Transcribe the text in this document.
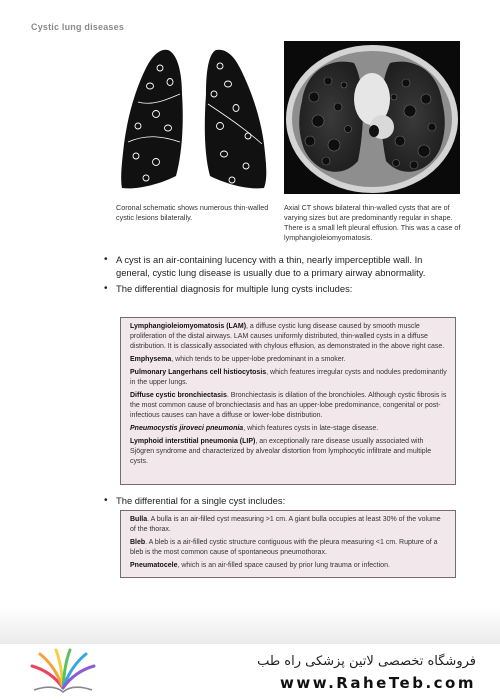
Cystic lung diseases
Coronal schematic shows numerous thin-walled cystic lesions bilaterally.
Axial CT shows bilateral thin-walled cysts that are of varying sizes but are predominantly regular in shape. There is a small left pleural effusion. This was a case of lymphangioleiomyomatosis.
• A cyst is an air-containing lucency with a thin, nearly imperceptible wall. In general, cystic lung disease is usually due to a primary airway abnormality.
• The differential diagnosis for multiple lung cysts includes:
Lymphangioleiomyomatosis (LAM), a diffuse cystic lung disease caused by smooth muscle proliferation of the distal airways. LAM causes uniformly distributed, thin-walled cysts in a diffuse distribution. It is classically associated with chylous effusion, as demonstrated in the above right case.
Emphysema, which tends to be upper-lobe predominant in a smoker.
Pulmonary Langerhans cell histiocytosis, which features irregular cysts and nodules predominantly in the upper lungs.
Diffuse cystic bronchiectasis. Bronchiectasis is dilation of the bronchioles. Although cystic fibrosis is the most common cause of bronchiectasis and has an upper-lobe predominance, congenital or post-infectious causes can have a diffuse or lower-lobe distribution.
Pneumocystis jiroveci pneumonia, which features cysts in late-stage disease.
Lymphoid interstitial pneumonia (LIP), an exceptionally rare disease usually associated with Sjögren syndrome and characterized by alveolar distortion from lymphocytic infiltrate and multiple cysts.
• The differential for a single cyst includes:
Bulla. A bulla is an air-filled cyst measuring >1 cm. A giant bulla occupies at least 30% of the volume of the thorax.
Bleb. A bleb is a air-filled cystic structure contiguous with the pleura measuring <1 cm. Rupture of a bleb is the most common cause of spontaneous pneumothorax.
Pneumatocele, which is an air-filled space caused by prior lung trauma or infection.
فروشگاه تخصصی لاتین پزشکی راه طب
www.RaheTeb.com
